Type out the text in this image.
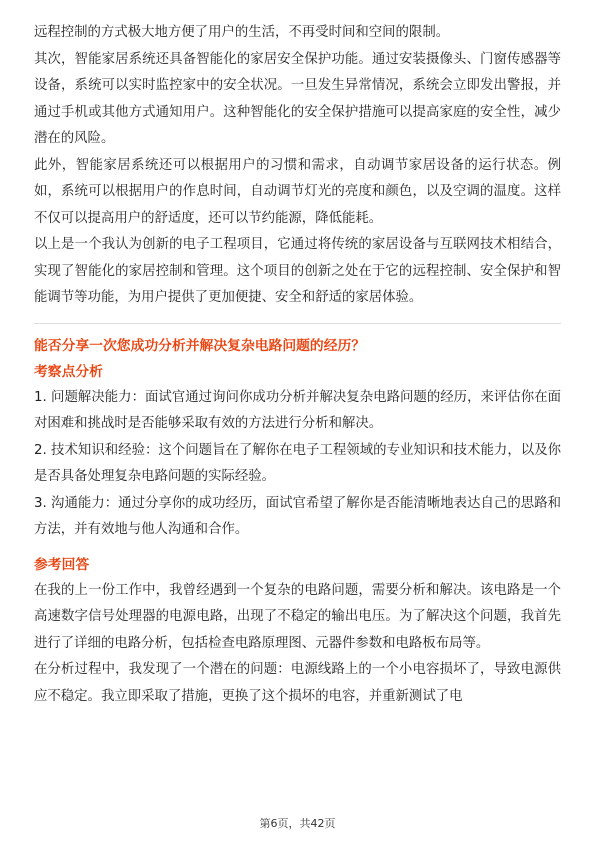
远程控制的方式极大地方便了用户的生活，不再受时间和空间的限制。

其次，智能家居系统还具备智能化的家居安全保护功能。通过安装摄像头、门窗传感器等设备，系统可以实时监控家中的安全状况。一旦发生异常情况，系统会立即发出警报，并通过手机或其他方式通知用户。这种智能化的安全保护措施可以提高家庭的安全性，减少潜在的风险。

此外，智能家居系统还可以根据用户的习惯和需求，自动调节家居设备的运行状态。例如，系统可以根据用户的作息时间，自动调节灯光的亮度和颜色，以及空调的温度。这样不仅可以提高用户的舒适度，还可以节约能源，降低能耗。

以上是一个我认为创新的电子工程项目，它通过将传统的家居设备与互联网技术相结合，实现了智能化的家居控制和管理。这个项目的创新之处在于它的远程控制、安全保护和智能调节等功能，为用户提供了更加便捷、安全和舒适的家居体验。

能否分享一次您成功分析并解决复杂电路问题的经历？

考察点分析

1. 问题解决能力：面试官通过询问你成功分析并解决复杂电路问题的经历，来评估你在面对困难和挑战时是否能够采取有效的方法进行分析和解决。

2. 技术知识和经验：这个问题旨在了解你在电子工程领域的专业知识和技术能力，以及你是否具备处理复杂电路问题的实际经验。

3. 沟通能力：通过分享你的成功经历，面试官希望了解你是否能清晰地表达自己的思路和方法，并有效地与他人沟通和合作。

参考回答

在我的上一份工作中，我曾经遇到一个复杂的电路问题，需要分析和解决。该电路是一个高速数字信号处理器的电源电路，出现了不稳定的输出电压。为了解决这个问题，我首先进行了详细的电路分析，包括检查电路原理图、元器件参数和电路板布局等。

在分析过程中，我发现了一个潜在的问题：电源线路上的一个小电容损坏了，导致电源供应不稳定。我立即采取了措施，更换了这个损坏的电容，并重新测试了电

第6页，共42页
